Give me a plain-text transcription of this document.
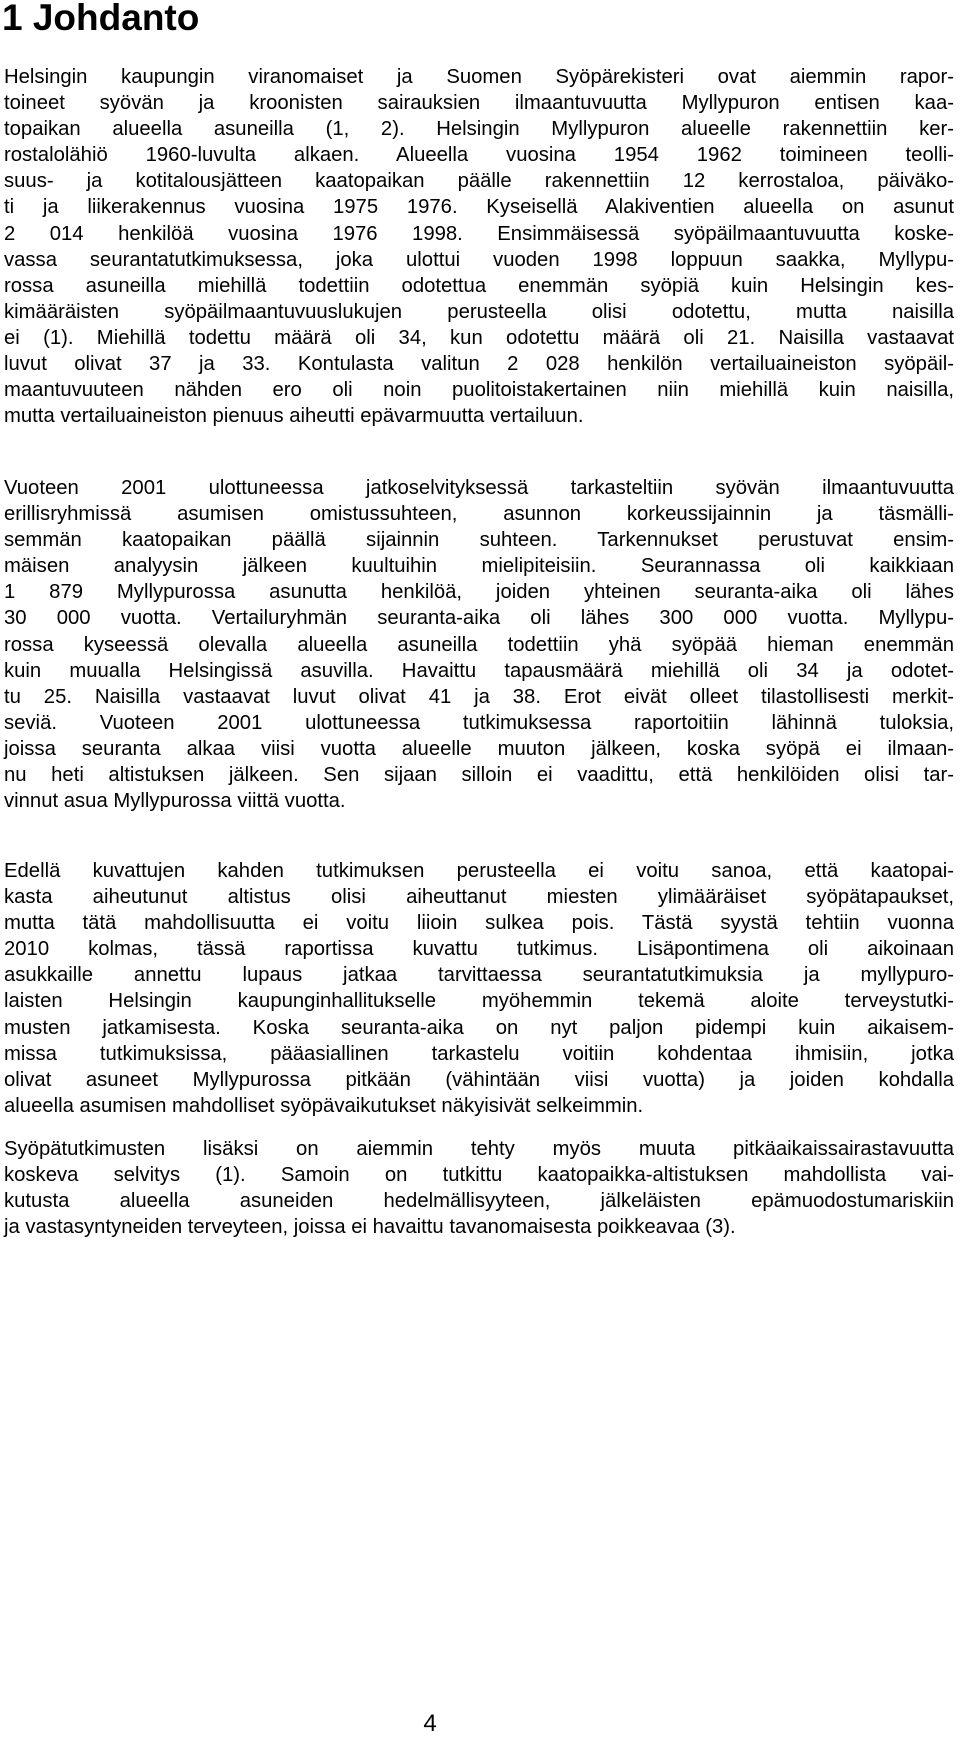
1 Johdanto
Helsingin kaupungin viranomaiset ja Suomen Syöpärekisteri ovat aiemmin rapor-
toineet syövän ja kroonisten sairauksien ilmaantuvuutta Myllypuron entisen kaa-
topaikan alueella asuneilla (1, 2). Helsingin Myllypuron alueelle rakennettiin ker-
rostalolähiö 1960-luvulta alkaen. Alueella vuosina 1954 1962 toimineen teolli-
suus- ja kotitalousjätteen kaatopaikan päälle rakennettiin 12 kerrostaloa, päiväko-
ti ja liikerakennus vuosina 1975 1976. Kyseisellä Alakiventien alueella on asunut
2 014 henkilöä vuosina 1976 1998. Ensimmäisessä syöpäilmaantuvuutta koske-
vassa seurantatutkimuksessa, joka ulottui vuoden 1998 loppuun saakka, Myllypu-
rossa asuneilla miehillä todettiin odotettua enemmän syöpiä kuin Helsingin kes-
kimääräisten syöpäilmaantuvuuslukujen perusteella olisi odotettu, mutta naisilla
ei (1). Miehillä todettu määrä oli 34, kun odotettu määrä oli 21. Naisilla vastaavat
luvut olivat 37 ja 33. Kontulasta valitun 2 028 henkilön vertailuaineiston syöpäil-
maantuvuuteen nähden ero oli noin puolitoistakertainen niin miehillä kuin naisilla,
mutta vertailuaineiston pienuus aiheutti epävarmuutta vertailuun.
Vuoteen 2001 ulottuneessa jatkoselvityksessä tarkasteltiin syövän ilmaantuvuutta
erillisryhmissä asumisen omistussuhteen, asunnon korkeussijainnin ja täsmälli-
semmän kaatopaikan päällä sijainnin suhteen. Tarkennukset perustuvat ensim-
mäisen analyysin jälkeen kuultuihin mielipiteisiin. Seurannassa oli kaikkiaan
1 879 Myllypurossa asunutta henkilöä, joiden yhteinen seuranta-aika oli lähes
30 000 vuotta. Vertailuryhmän seuranta-aika oli lähes 300 000 vuotta. Myllypu-
rossa kyseessä olevalla alueella asuneilla todettiin yhä syöpää hieman enemmän
kuin muualla Helsingissä asuvilla. Havaittu tapausmäärä miehillä oli 34 ja odotet-
tu 25. Naisilla vastaavat luvut olivat 41 ja 38. Erot eivät olleet tilastollisesti merkit-
seviä. Vuoteen 2001 ulottuneessa tutkimuksessa raportoitiin lähinnä tuloksia,
joissa seuranta alkaa viisi vuotta alueelle muuton jälkeen, koska syöpä ei ilmaan-
nu heti altistuksen jälkeen. Sen sijaan silloin ei vaadittu, että henkilöiden olisi tar-
vinnut asua Myllypurossa viittä vuotta.
Edellä kuvattujen kahden tutkimuksen perusteella ei voitu sanoa, että kaatopai-
kasta aiheutunut altistus olisi aiheuttanut miesten ylimääräiset syöpätapaukset,
mutta tätä mahdollisuutta ei voitu liioin sulkea pois. Tästä syystä tehtiin vuonna
2010 kolmas, tässä raportissa kuvattu tutkimus. Lisäpontimena oli aikoinaan
asukkaille annettu lupaus jatkaa tarvittaessa seurantatutkimuksia ja myllypuro-
laisten Helsingin kaupunginhallitukselle myöhemmin tekemä aloite terveystutki-
musten jatkamisesta. Koska seuranta-aika on nyt paljon pidempi kuin aikaisem-
missa tutkimuksissa, pääasiallinen tarkastelu voitiin kohdentaa ihmisiin, jotka
olivat asuneet Myllypurossa pitkään (vähintään viisi vuotta) ja joiden kohdalla
alueella asumisen mahdolliset syöpävaikutukset näkyisivät selkeimmin.
Syöpätutkimusten lisäksi on aiemmin tehty myös muuta pitkäaikaissairastavuutta
koskeva selvitys (1). Samoin on tutkittu kaatopaikka-altistuksen mahdollista vai-
kutusta alueella asuneiden hedelmällisyyteen, jälkeläisten epämuodostumariskiin
ja vastasyntyneiden terveyteen, joissa ei havaittu tavanomaisesta poikkeavaa (3).
4
